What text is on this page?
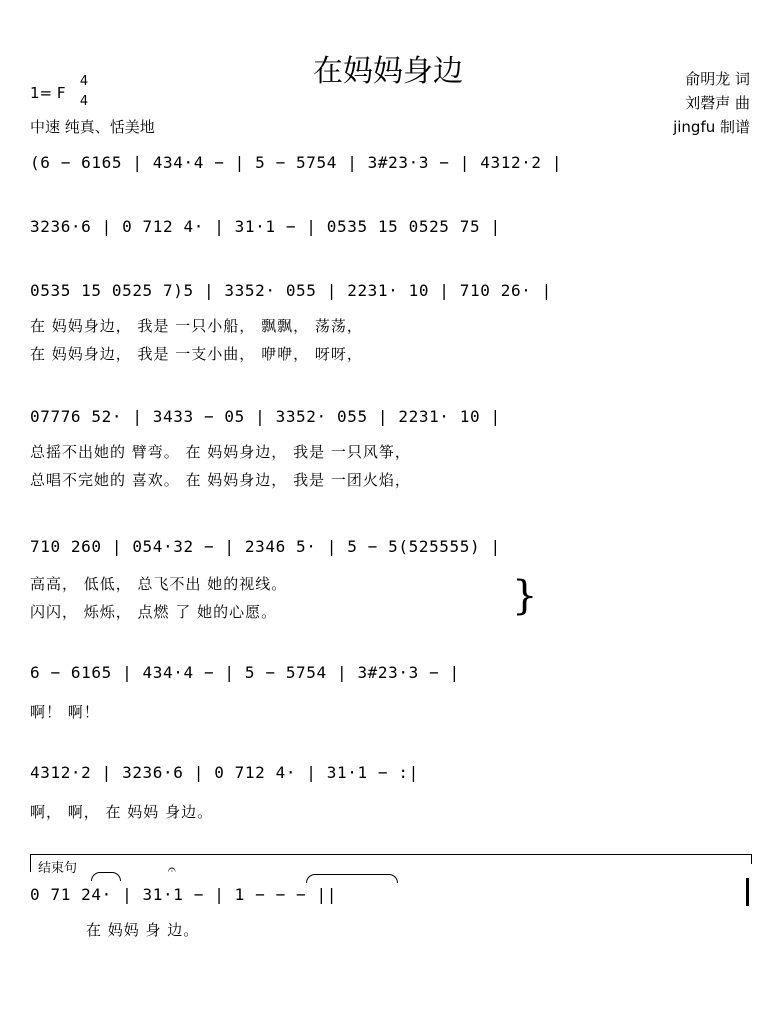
在妈妈身边
1= F
4
4
中速 纯真、恬美地
俞明龙 词
刘磬声 曲
jingfu 制谱
(6 − 6165 | 434·4 − | 5 − 5754 | 3#23·3 − | 4312·2 |
3236·6 | 0 712 4· | 31·1 − | 0535 15 0525 75 |
0535 15 0525 7)5 | 3352· 055 | 2231· 10 | 710 26· |
在 妈妈身边， 我是 一只小船， 飘飘， 荡荡，
在 妈妈身边， 我是 一支小曲， 咿咿， 呀呀，
07776 52· | 3433 − 05 | 3352· 055 | 2231· 10 |
总摇不出她的 臂弯。 在 妈妈身边， 我是 一只风筝，
总唱不完她的 喜欢。 在 妈妈身边， 我是 一团火焰，
710 260 | 054·32 − | 2346 5· | 5 − 5(525555) |
高高， 低低， 总飞不出 她的视线。
闪闪， 烁烁， 点燃 了 她的心愿。	}
6 − 6165 | 434·4 − | 5 − 5754 | 3#23·3 − |
啊！ 啊！
4312·2 | 3236·6 | 0 712 4· | 31·1 − :|
啊， 啊， 在 妈妈 身边。
结束句	𝄐
0 71 24· | 31·1 − | 1 − − − ||
在 妈妈 身 边。
